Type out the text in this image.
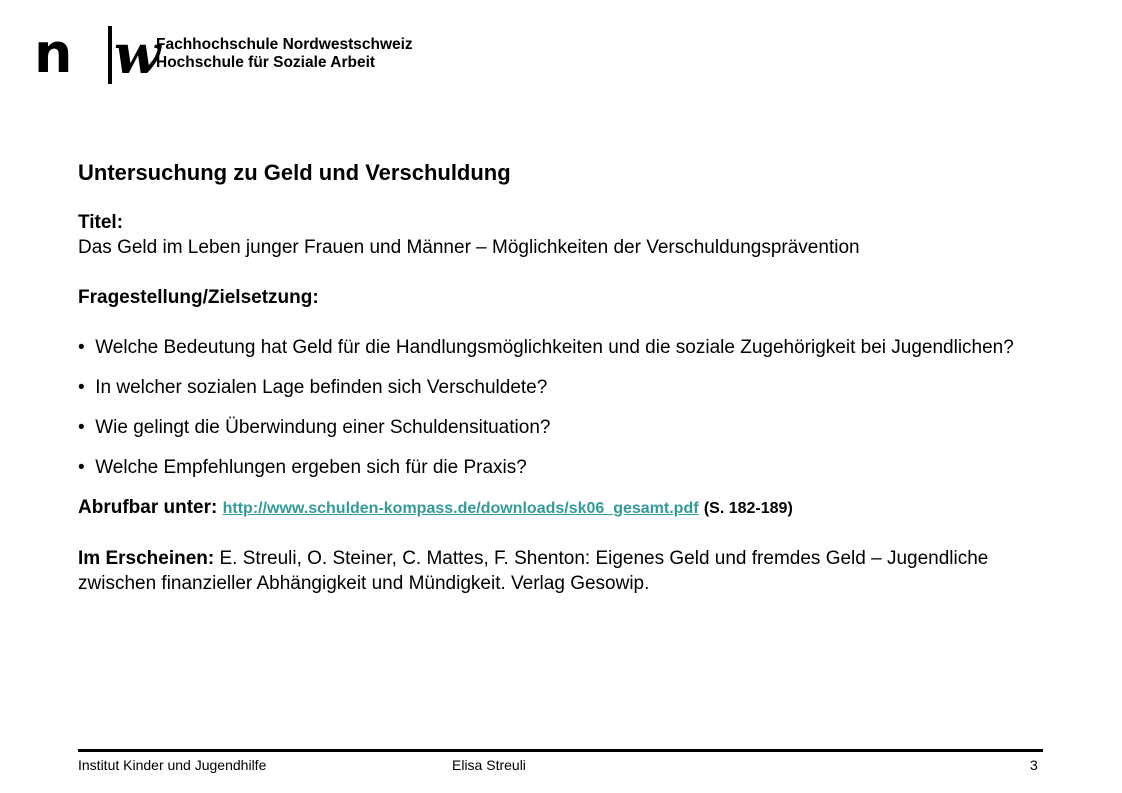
n w
Fachhochschule Nordwestschweiz
Hochschule für Soziale Arbeit
Untersuchung zu Geld und Verschuldung

Titel:

Das Geld im Leben junger Frauen und Männer – Möglichkeiten der Verschuldungsprävention

Fragestellung/Zielsetzung:

• Welche Bedeutung hat Geld für die Handlungsmöglichkeiten und die soziale Zugehörigkeit bei Jugendlichen?

• In welcher sozialen Lage befinden sich Verschuldete?

• Wie gelingt die Überwindung einer Schuldensituation?

• Welche Empfehlungen ergeben sich für die Praxis?

Abrufbar unter: http://www.schulden-kompass.de/downloads/sk06_gesamt.pdf (S. 182-189)

Im Erscheinen: E. Streuli, O. Steiner, C. Mattes, F. Shenton: Eigenes Geld und fremdes Geld – Jugendliche zwischen finanzieller Abhängigkeit und Mündigkeit. Verlag Gesowip.

Institut Kinder und Jugendhilfe	Elisa Streuli	3
